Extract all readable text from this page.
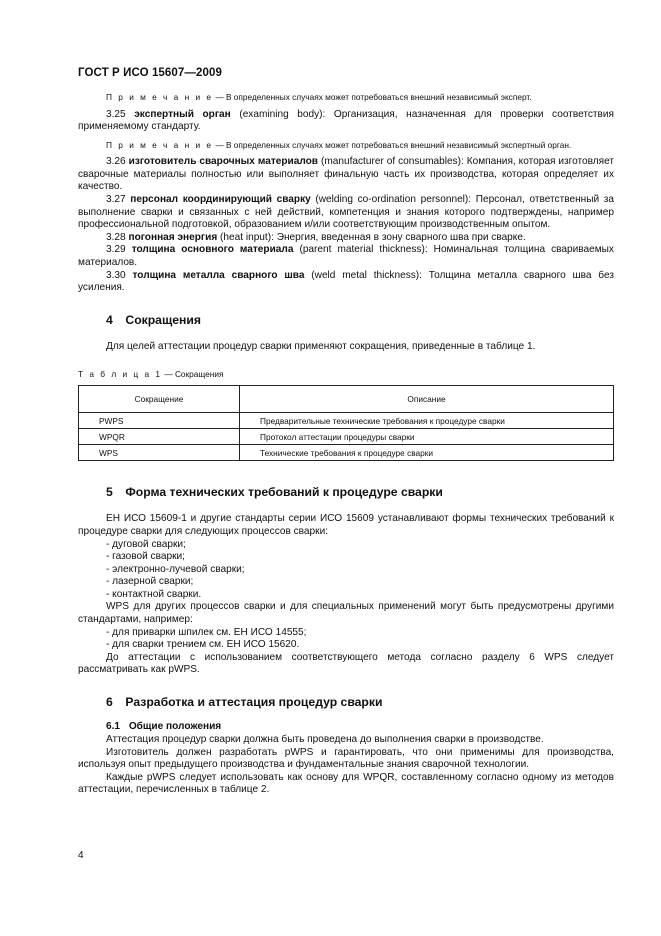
ГОСТ Р ИСО 15607—2009

П р и м е ч а н и е — В определенных случаях может потребоваться внешний независимый эксперт.

3.25 экспертный орган (examining body): Организация, назначенная для проверки соответствия применяемому стандарту.

П р и м е ч а н и е — В определенных случаях может потребоваться внешний независимый экспертный орган.

3.26 изготовитель сварочных материалов (manufacturer of consumables): Компания, которая изготовляет сварочные материалы полностью или выполняет финальную часть их производства, которая определяет их качество.

3.27 персонал координирующий сварку (welding co-ordination personnel): Персонал, ответственный за выполнение сварки и связанных с ней действий, компетенция и знания которого подтверждены, например профессиональной подготовкой, образованием и/или соответствующим производственным опытом.

3.28 погонная энергия (heat input): Энергия, введенная в зону сварного шва при сварке.

3.29 толщина основного материала (parent material thickness): Номинальная толщина свариваемых материалов.

3.30 толщина металла сварного шва (weld metal thickness): Толщина металла сварного шва без усиления.

4 Сокращения

Для целей аттестации процедур сварки применяют сокращения, приведенные в таблице 1.

Т а б л и ц а 1 — Сокращения
Сокращение	Описание
PWPS	Предварительные технические требования к процедуре сварки
WPQR	Протокол аттестации процедуры сварки
WPS	Технические требования к процедуре сварки
5 Форма технических требований к процедуре сварки

ЕН ИСО 15609-1 и другие стандарты серии ИСО 15609 устанавливают формы технических требований к процедуре сварки для следующих процессов сварки:

- дуговой сварки;

- газовой сварки;

- электронно-лучевой сварки;

- лазерной сварки;

- контактной сварки.

WPS для других процессов сварки и для специальных применений могут быть предусмотрены другими стандартами, например:

- для приварки шпилек см. ЕН ИСО 14555;

- для сварки трением см. ЕН ИСО 15620.

До аттестации с использованием соответствующего метода согласно разделу 6 WPS следует рассматривать как pWPS.

6 Разработка и аттестация процедур сварки
6.1 Общие положения

Аттестация процедур сварки должна быть проведена до выполнения сварки в производстве.

Изготовитель должен разработать pWPS и гарантировать, что они применимы для производства, используя опыт предыдущего производства и фундаментальные знания сварочной технологии.

Каждые pWPS следует использовать как основу для WPQR, составленному согласно одному из методов аттестации, перечисленных в таблице 2.

4
